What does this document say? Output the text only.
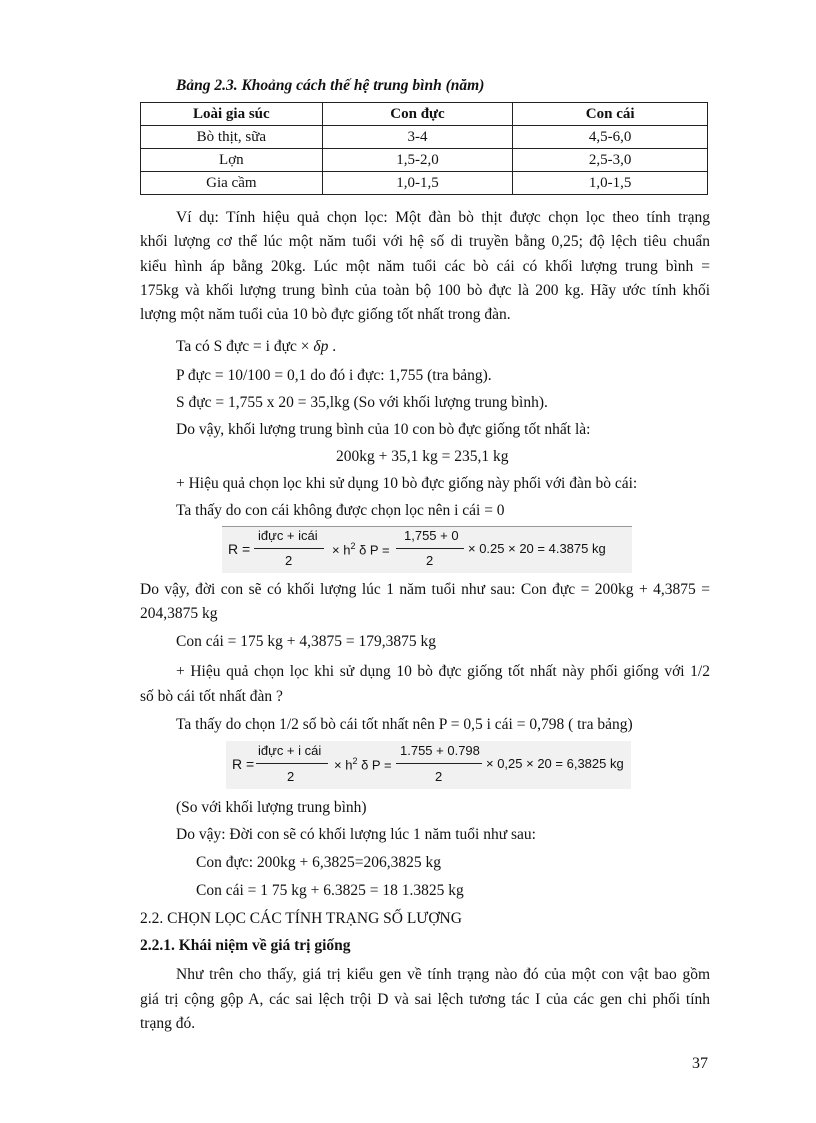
Bảng 2.3. Khoảng cách thế hệ trung bình (năm)
Loài gia súc	Con đực	Con cái
Bò thịt, sữa	3-4	4,5-6,0
Lợn	1,5-2,0	2,5-3,0
Gia cầm	1,0-1,5	1,0-1,5
Ví dụ: Tính hiệu quả chọn lọc: Một đàn bò thịt được chọn lọc theo tính trạng
khối lượng cơ thể lúc một năm tuổi với hệ số di truyền bằng 0,25; độ lệch tiêu chuẩn
kiểu hình áp bằng 20kg. Lúc một năm tuổi các bò cái có khối lượng trung bình =
175kg và khối lượng trung bình của toàn bộ 100 bò đực là 200 kg. Hãy ước tính khối
lượng một năm tuổi của 10 bò đực giống tốt nhất trong đàn.
Ta có S đực = i đực × δp .
P đực = 10/100 = 0,1 do đó i đực: 1,755 (tra bảng).
S đực = 1,755 x 20 = 35,lkg (So với khối lượng trung bình).
Do vậy, khối lượng trung bình của 10 con bò đực giống tốt nhất là:
200kg + 35,1 kg = 235,1 kg
+ Hiệu quả chọn lọc khi sử dụng 10 bò đực giống này phối với đàn bò cái:
Ta thấy do con cái không được chọn lọc nên i cái = 0
R =
iđực + icái
2
× $h^2$ δ P =
1,755 + 0
2
× 0.25 × 20 = 4.3875 kg
Do vậy, đời con sẽ có khối lượng lúc 1 năm tuổi như sau: Con đực = 200kg + 4,3875 =
204,3875 kg
Con cái = 175 kg + 4,3875 = 179,3875 kg
+ Hiệu quả chọn lọc khi sử dụng 10 bò đực giống tốt nhất này phối giống với 1/2
số bò cái tốt nhất đàn ?
Ta thấy do chọn 1/2 số bò cái tốt nhất nên P = 0,5 i cái = 0,798 ( tra bảng)
R =
iđực + i cái
2
× $h^2$ δ P =
1.755 + 0.798
2
× 0,25 × 20 = 6,3825 kg
(So với khối lượng trung bình)
Do vậy: Đời con sẽ có khối lượng lúc 1 năm tuổi như sau:
Con đực: 200kg + 6,3825=206,3825 kg
Con cái = 1 75 kg + 6.3825 = 18 1.3825 kg
2.2. CHỌN LỌC CÁC TÍNH TRẠNG SỐ LƯỢNG
2.2.1. Khái niệm về giá trị giống
Như trên cho thấy, giá trị kiểu gen về tính trạng nào đó của một con vật bao gồm
giá trị cộng gộp A, các sai lệch trội D và sai lệch tương tác I của các gen chi phối tính
trạng đó.
37
